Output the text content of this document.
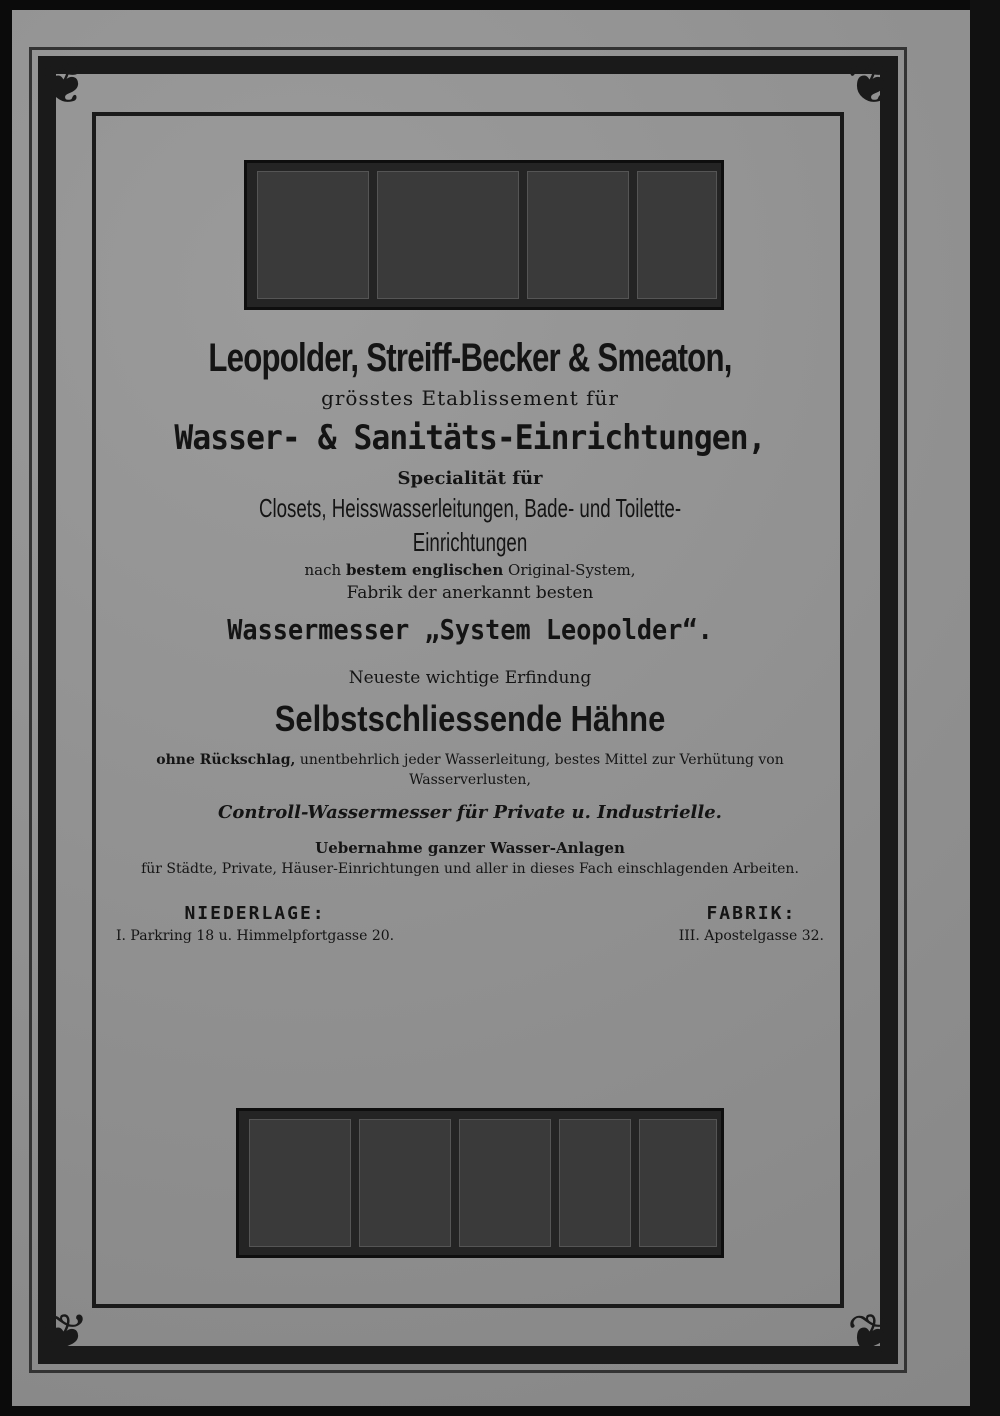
❦	❦
❦	❦
Leopolder, Streiff-Becker & Smeaton,
grösstes Etablissement für
Wasser- & Sanitäts-Einrichtungen,
Specialität für
Closets, Heisswasserleitungen, Bade- und Toilette-Einrichtungen
nach bestem englischen Original-System,
Fabrik der anerkannt besten
Wassermesser „System Leopolder“.
Neueste wichtige Erfindung
Selbstschliessende Hähne
ohne Rückschlag, unentbehrlich jeder Wasserleitung, bestes Mittel zur Verhütung von Wasserverlusten,
Controll-Wassermesser für Private u. Industrielle.
Uebernahme ganzer Wasser-Anlagen
für Städte, Private, Häuser-Einrichtungen und aller in dieses Fach einschlagenden Arbeiten.
NIEDERLAGE:
I. Parkring 18 u. Himmelpfortgasse 20.
FABRIK:
III. Apostelgasse 32.
